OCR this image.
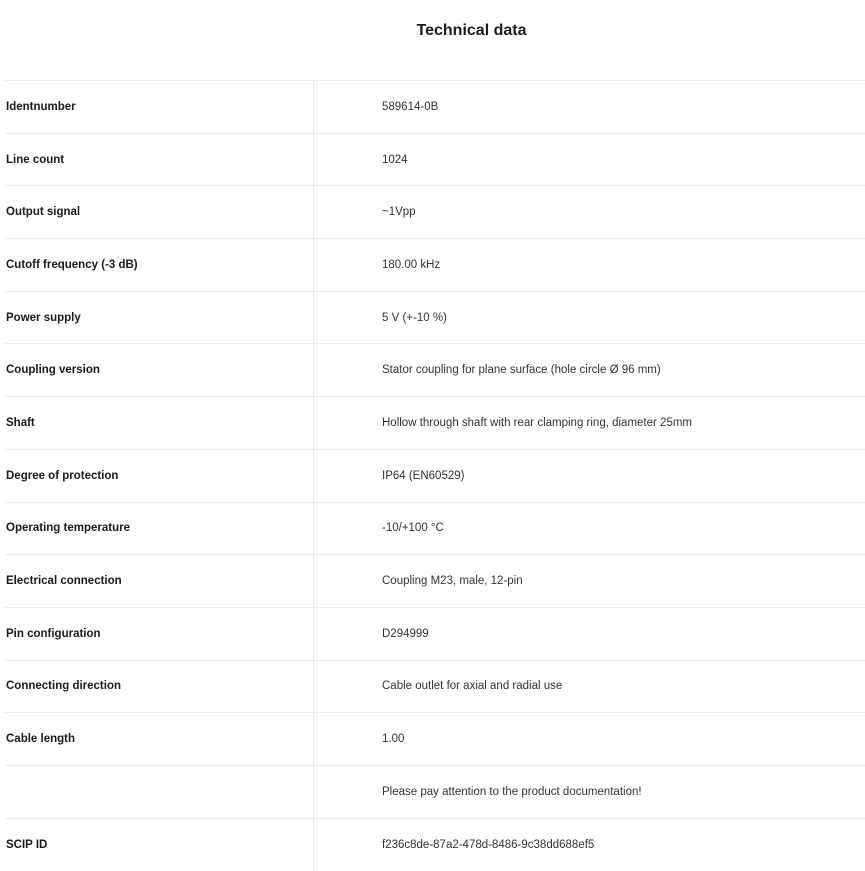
Technical data
Identnumber	589614-0B
Line count	1024
Output signal	~1Vpp
Cutoff frequency (-3 dB)	180.00 kHz
Power supply	5 V (+-10 %)
Coupling version	Stator coupling for plane surface (hole circle Ø 96 mm)
Shaft	Hollow through shaft with rear clamping ring, diameter 25mm
Degree of protection	IP64 (EN60529)
Operating temperature	-10/+100 °C
Electrical connection	Coupling M23, male, 12-pin
Pin configuration	D294999
Connecting direction	Cable outlet for axial and radial use
Cable length	1.00
	Please pay attention to the product documentation!
SCIP ID	f236c8de-87a2-478d-8486-9c38dd688ef5
